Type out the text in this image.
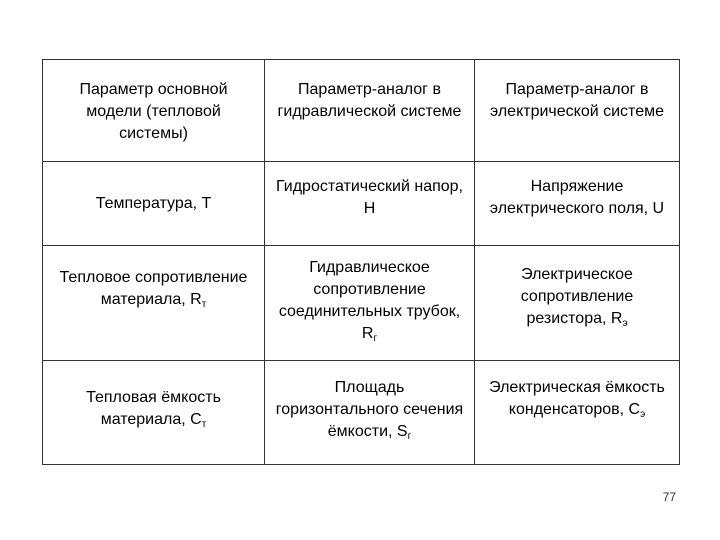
Параметр основной модели (тепловой системы)	Параметр-аналог в гидравлической системе	Параметр-аналог в электрической системе
Температура, T	Гидростатический напор, H	Напряжение электрического поля, U
Тепловое сопротивление материала, $R_т$	Гидравлическое сопротивление соединительных трубок, $R_г$	Электрическое сопротивление резистора, $R_э$
Тепловая ёмкость материала, $C_т$	Площадь горизонтального сечения ёмкости, $S_г$	Электрическая ёмкость конденсаторов, $C_э$
77
